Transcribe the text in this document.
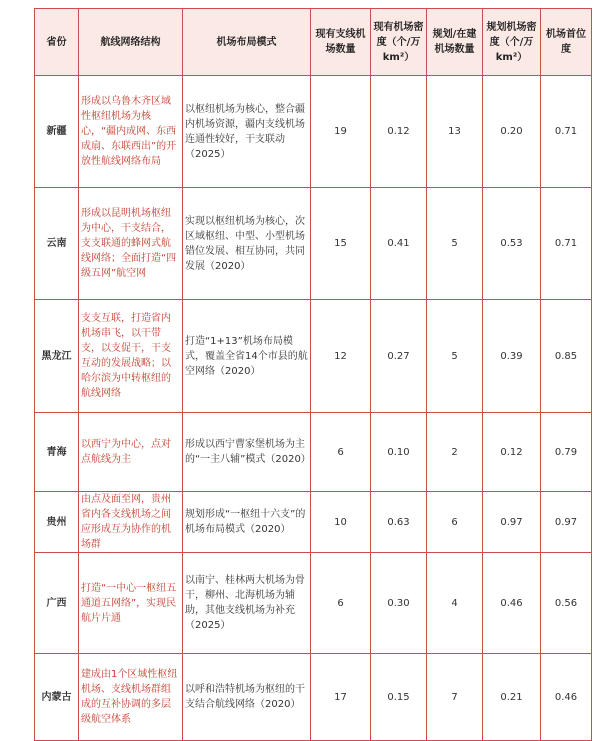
省份	航线网络结构	机场布局模式	现有支线机场数量	现有机场密度（个/万km²）	规划/在建机场数量	规划机场密度（个/万km²）	机场首位度
新疆	形成以乌鲁木齐区域性枢纽机场为核心，“疆内成网、东西成扇、东联西出”的开放性航线网络布局	以枢纽机场为核心，整合疆内机场资源，疆内支线机场连通性较好，干支联动（2025）	19	0.12	13	0.20	0.71
云南	形成以昆明机场枢纽为中心，干支结合，支支联通的蜂网式航线网络；全面打造“四级五网”航空网	实现以枢纽机场为核心，次区域枢纽、中型、小型机场错位发展、相互协同，共同发展（2020）	15	0.41	5	0.53	0.71
黑龙江	支支互联，打造省内机场串飞，以干带支，以支促干，干支互动的发展战略；以哈尔滨为中转枢纽的航线网络	打造“1+13”机场布局模式，覆盖全省14个市县的航空网络（2020）	12	0.27	5	0.39	0.85
青海	以西宁为中心，点对点航线为主	形成以西宁曹家堡机场为主的“一主八辅”模式（2020）	6	0.10	2	0.12	0.79
贵州	由点及面至网，贵州省内各支线机场之间应形成互为协作的机场群	规划形成“一枢纽十六支”的机场布局模式（2020）	10	0.63	6	0.97	0.97
广西	打造“一中心一枢纽五通道五网络”，实现民航片片通	以南宁、桂林两大机场为骨干，柳州、北海机场为辅助，其他支线机场为补充（2025）	6	0.30	4	0.46	0.56
内蒙古	建成由1个区域性枢纽机场、支线机场群组成的互补协调的多层级航空体系	以呼和浩特机场为枢纽的干支结合航线网络（2020）	17	0.15	7	0.21	0.46
